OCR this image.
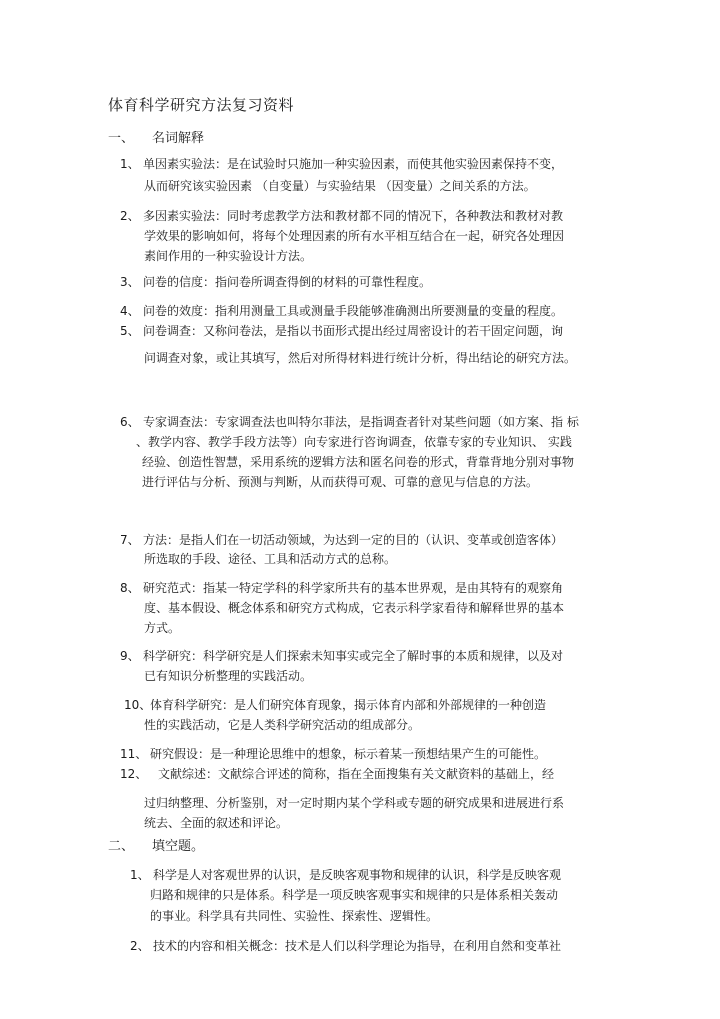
体育科学研究方法复习资料
一、 名词解释
1、 单因素实验法：是在试验时只施加一种实验因素，而使其他实验因素保持不变，
从而研究该实验因素 （自变量）与实验结果 （因变量）之间关系的方法。
2、 多因素实验法：同时考虑教学方法和教材都不同的情况下，各种教法和教材对教
学效果的影响如何，将每个处理因素的所有水平相互结合在一起，研究各处理因
素间作用的一种实验设计方法。
3、 问卷的信度：指问卷所调查得倒的材料的可靠性程度。
4、 问卷的效度：指利用测量工具或测量手段能够准确测出所要测量的变量的程度。
5、 问卷调查：又称问卷法，是指以书面形式提出经过周密设计的若干固定问题，询
问调查对象，或让其填写，然后对所得材料进行统计分析，得出结论的研究方法。
6、 专家调查法：专家调查法也叫特尔菲法，是指调查者针对某些问题（如方案、指 标
、教学内容、教学手段方法等）向专家进行咨询调查，依靠专家的专业知识、 实践
经验、创造性智慧，采用系统的逻辑方法和匿名问卷的形式，背靠背地分别对事物
进行评估与分析、预测与判断，从而获得可观、可靠的意见与信息的方法。
7、 方法：是指人们在一切活动领域，为达到一定的目的（认识、变革或创造客体）
所选取的手段、途径、工具和活动方式的总称。
8、 研究范式：指某一特定学科的科学家所共有的基本世界观，是由其特有的观察角
度、基本假设、概念体系和研究方式构成，它表示科学家看待和解释世界的基本
方式。
9、 科学研究：科学研究是人们探索未知事实或完全了解时事的本质和规律，以及对
已有知识分析整理的实践活动。
10、
体育科学研究：是人们研究体育现象，揭示体育内部和外部规律的一种创造
性的实践活动，它是人类科学研究活动的组成部分。
11、 研究假设：是一种理论思维中的想象，标示着某一预想结果产生的可能性。
12、 文献综述：文献综合评述的简称，指在全面搜集有关文献资料的基础上，经
过归纳整理、分析鉴别，对一定时期内某个学科或专题的研究成果和进展进行系
统去、全面的叙述和评论。
二、 填空题。
1、 科学是人对客观世界的认识，是反映客观事物和规律的认识，科学是反映客观
归路和规律的只是体系。科学是一项反映客观事实和规律的只是体系相关轰动
的事业。科学具有共同性、实验性、探索性、逻辑性。
2、 技术的内容和相关概念：技术是人们以科学理论为指导，在利用自然和变革社
